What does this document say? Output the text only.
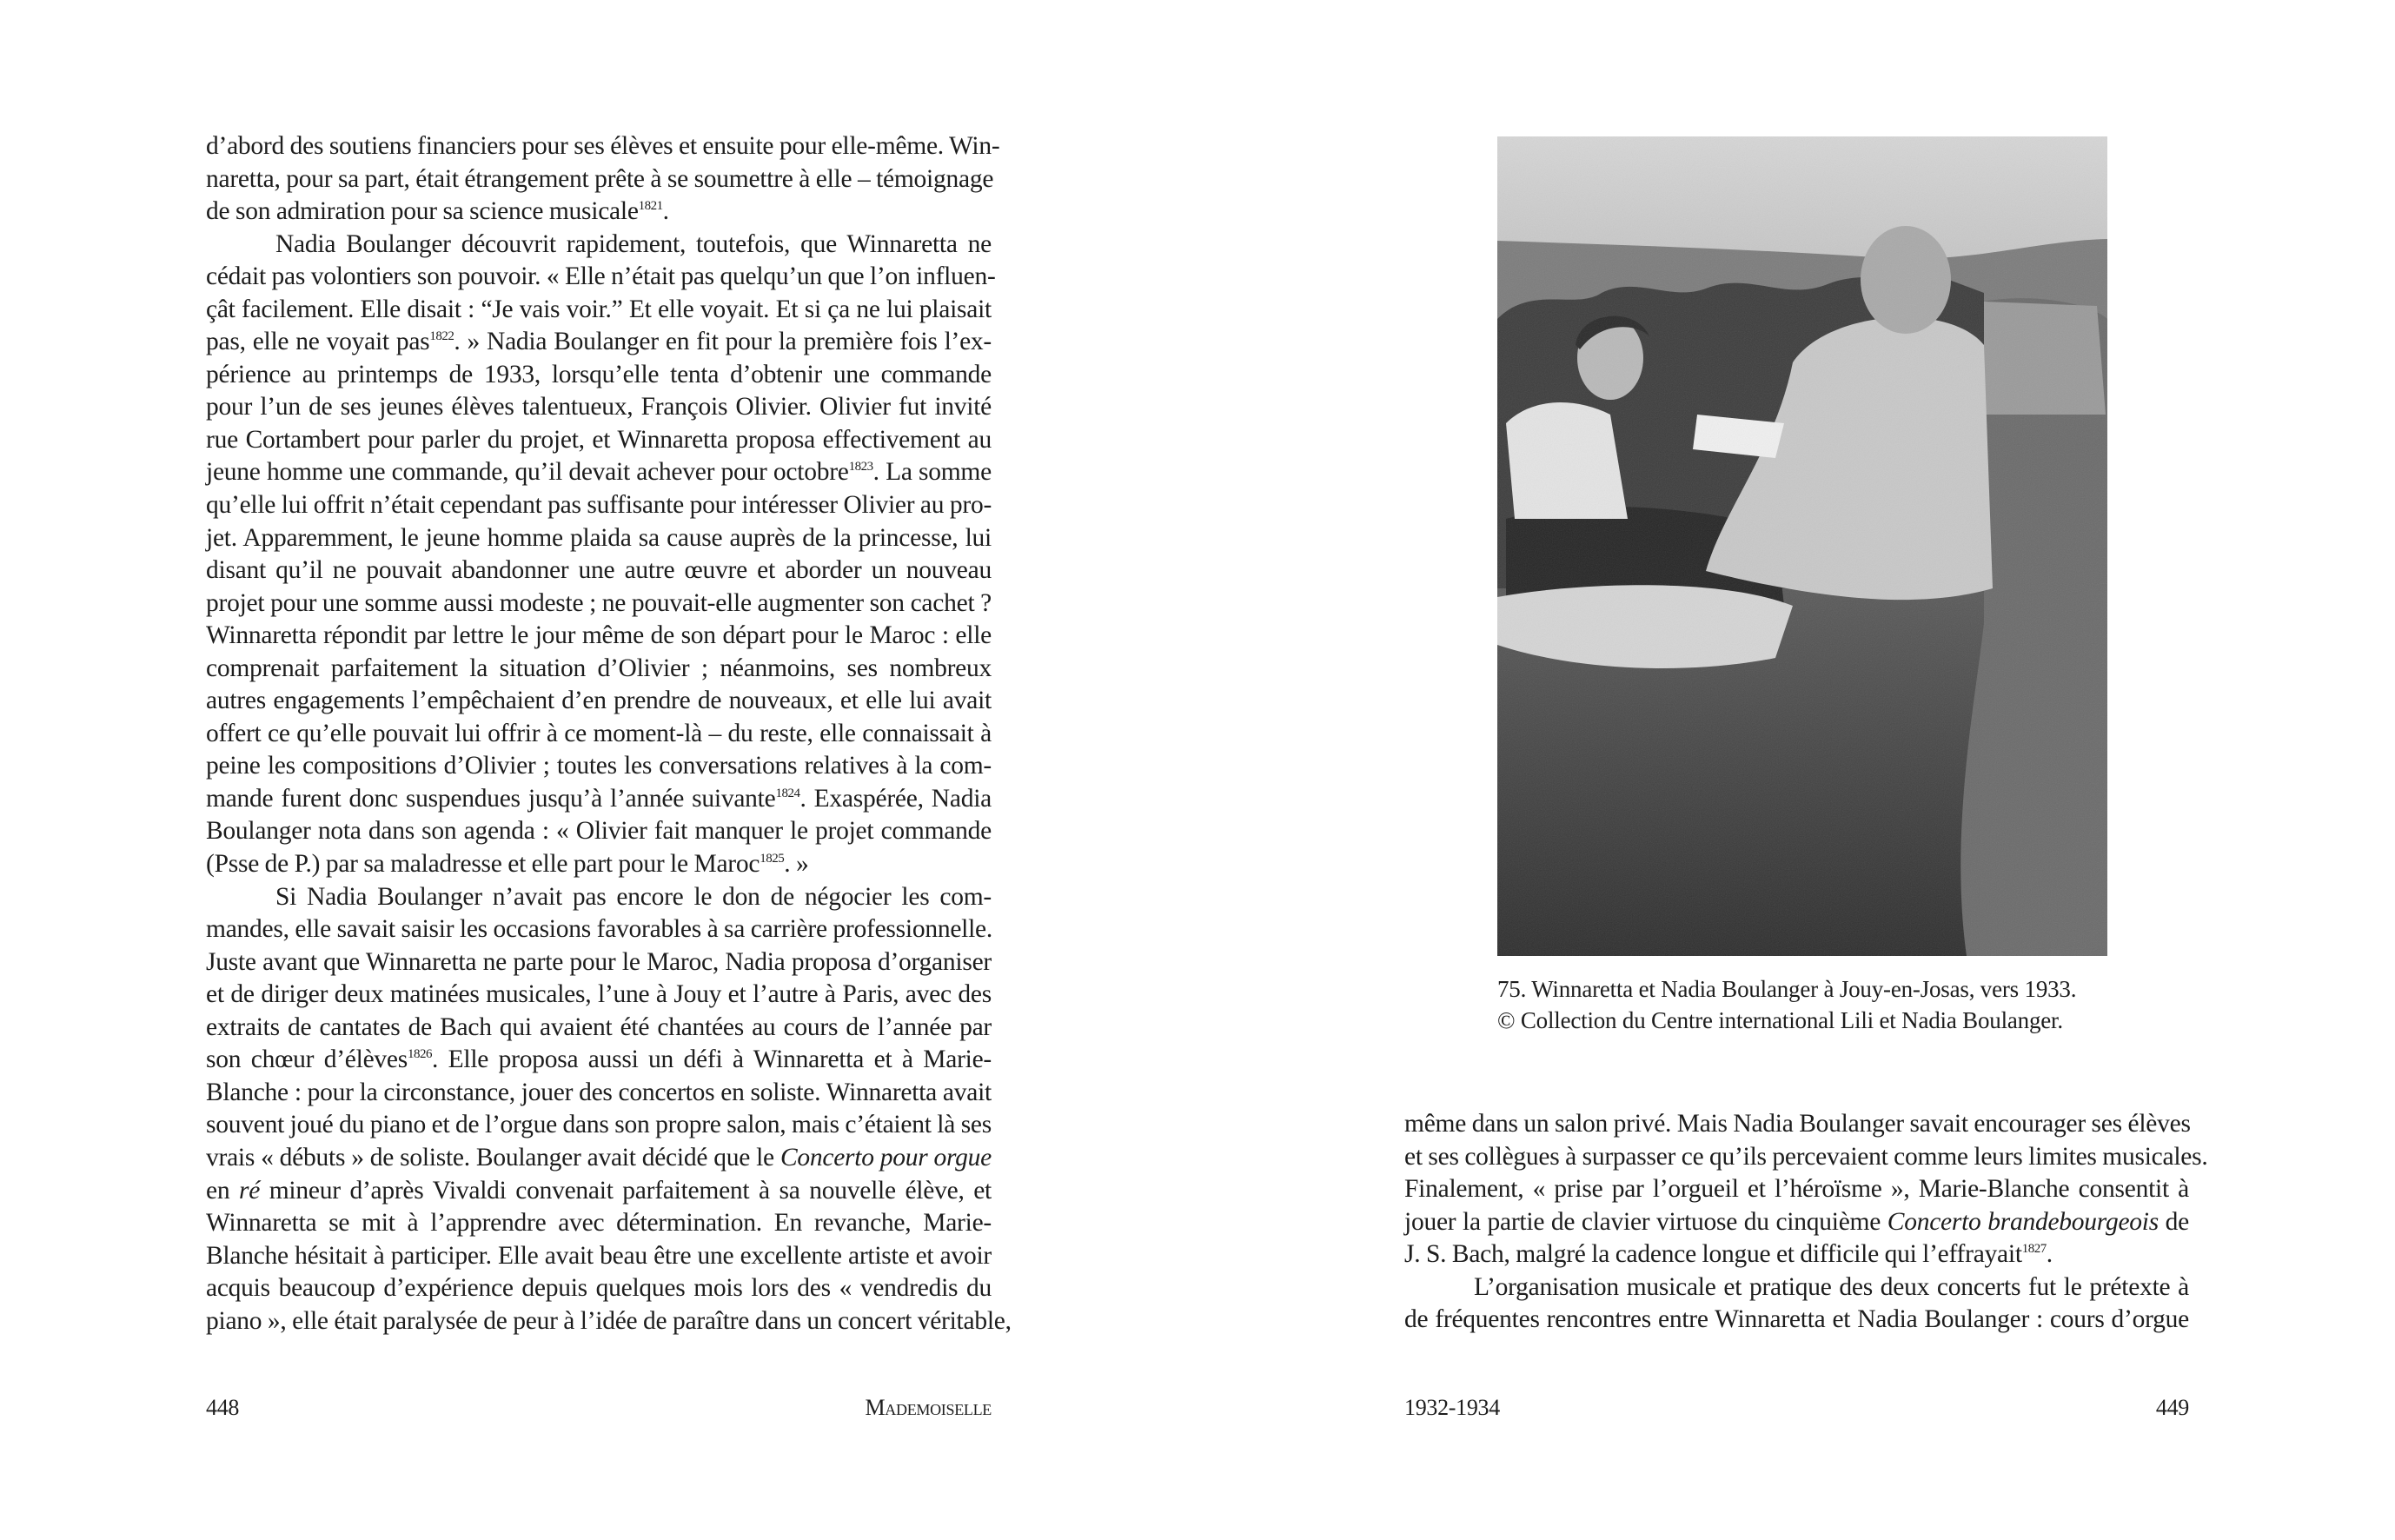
d’abord des soutiens financiers pour ses élèves et ensuite pour elle-même. Win-
naretta, pour sa part, était étrangement prête à se soumettre à elle – témoignage
de son admiration pour sa science musicale$^{1821}$.

Nadia Boulanger découvrit rapidement, toutefois, que Winnaretta ne
cédait pas volontiers son pouvoir. « Elle n’était pas quelqu’un que l’on influen-
çât facilement. Elle disait : “Je vais voir.” Et elle voyait. Et si ça ne lui plaisait
pas, elle ne voyait pas$^{1822}$. » Nadia Boulanger en fit pour la première fois l’ex-
périence au printemps de 1933, lorsqu’elle tenta d’obtenir une commande
pour l’un de ses jeunes élèves talentueux, François Olivier. Olivier fut invité
rue Cortambert pour parler du projet, et Winnaretta proposa effectivement au
jeune homme une commande, qu’il devait achever pour octobre$^{1823}$. La somme
qu’elle lui offrit n’était cependant pas suffisante pour intéresser Olivier au pro-
jet. Apparemment, le jeune homme plaida sa cause auprès de la princesse, lui
disant qu’il ne pouvait abandonner une autre œuvre et aborder un nouveau
projet pour une somme aussi modeste ; ne pouvait-elle augmenter son cachet ?
Winnaretta répondit par lettre le jour même de son départ pour le Maroc : elle
comprenait parfaitement la situation d’Olivier ; néanmoins, ses nombreux
autres engagements l’empêchaient d’en prendre de nouveaux, et elle lui avait
offert ce qu’elle pouvait lui offrir à ce moment-là – du reste, elle connaissait à
peine les compositions d’Olivier ; toutes les conversations relatives à la com-
mande furent donc suspendues jusqu’à l’année suivante$^{1824}$. Exaspérée, Nadia
Boulanger nota dans son agenda : « Olivier fait manquer le projet commande
(Psse de P.) par sa maladresse et elle part pour le Maroc$^{1825}$. »

Si Nadia Boulanger n’avait pas encore le don de négocier les com-
mandes, elle savait saisir les occasions favorables à sa carrière professionnelle.
Juste avant que Winnaretta ne parte pour le Maroc, Nadia proposa d’organiser
et de diriger deux matinées musicales, l’une à Jouy et l’autre à Paris, avec des
extraits de cantates de Bach qui avaient été chantées au cours de l’année par
son chœur d’élèves$^{1826}$. Elle proposa aussi un défi à Winnaretta et à Marie-
Blanche : pour la circonstance, jouer des concertos en soliste. Winnaretta avait
souvent joué du piano et de l’orgue dans son propre salon, mais c’étaient là ses
vrais « débuts » de soliste. Boulanger avait décidé que le Concerto pour orgue
en ré mineur d’après Vivaldi convenait parfaitement à sa nouvelle élève, et
Winnaretta se mit à l’apprendre avec détermination. En revanche, Marie-
Blanche hésitait à participer. Elle avait beau être une excellente artiste et avoir
acquis beaucoup d’expérience depuis quelques mois lors des « vendredis du
piano », elle était paralysée de peur à l’idée de paraître dans un concert véritable,

448	Mademoiselle
75. Winnaretta et Nadia Boulanger à Jouy-en-Josas, vers 1933.
© Collection du Centre international Lili et Nadia Boulanger.

même dans un salon privé. Mais Nadia Boulanger savait encourager ses élèves
et ses collègues à surpasser ce qu’ils percevaient comme leurs limites musicales.
Finalement, « prise par l’orgueil et l’héroïsme », Marie-Blanche consentit à
jouer la partie de clavier virtuose du cinquième Concerto brandebourgeois de
J. S. Bach, malgré la cadence longue et difficile qui l’effrayait$^{1827}$.

L’organisation musicale et pratique des deux concerts fut le prétexte à
de fréquentes rencontres entre Winnaretta et Nadia Boulanger : cours d’orgue

1932-1934	449
